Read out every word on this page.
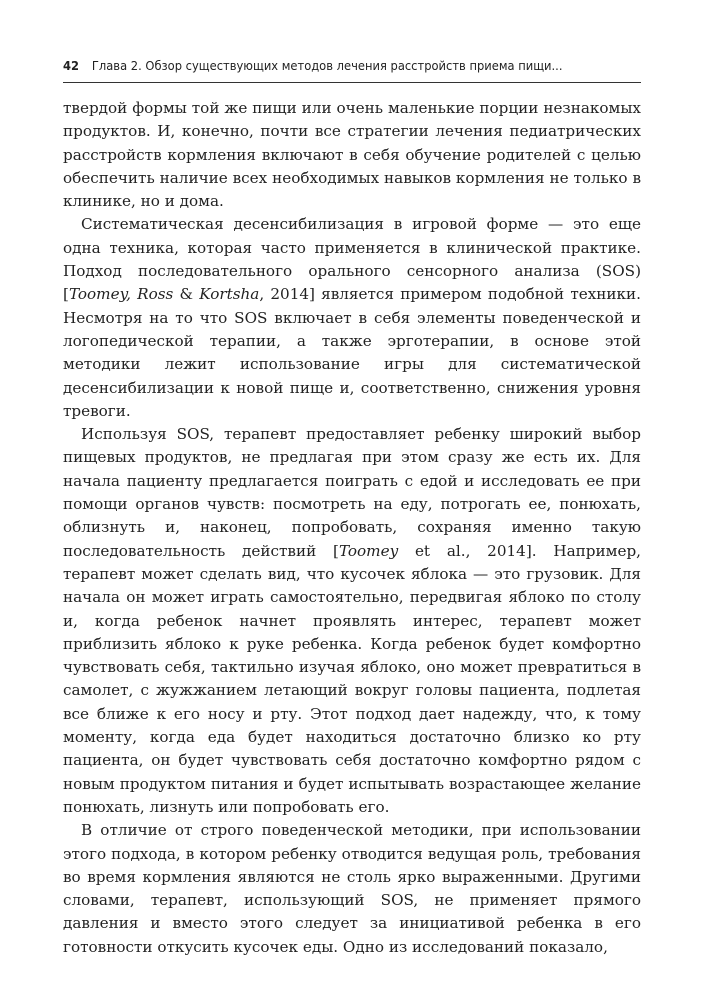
42 Глава 2. Обзор существующих методов лечения расстройств приема пищи...

твердой формы той же пищи или очень маленькие порции незнакомых продуктов. И, конечно, почти все стратегии лечения педиатрических расстройств кормления включают в себя обучение родителей с целью обеспечить наличие всех необходимых навыков кормления не только в клинике, но и дома.

Систематическая десенсибилизация в игровой форме — это еще одна техника, которая часто применяется в клинической практике. Подход последовательного орального сенсорного анализа (SOS) [Toomey, Ross & Kortsha, 2014] является примером подобной техники. Несмотря на то что SOS включает в себя элементы поведенческой и логопедической терапии, а также эрготерапии, в основе этой методики лежит использование игры для систематической десенсибилизации к новой пище и, соответственно, снижения уровня тревоги.

Используя SOS, терапевт предоставляет ребенку широкий выбор пищевых продуктов, не предлагая при этом сразу же есть их. Для начала пациенту предлагается поиграть с едой и исследовать ее при помощи органов чувств: посмотреть на еду, потрогать ее, понюхать, облизнуть и, наконец, попробовать, сохраняя именно такую последовательность действий [Toomey et al., 2014]. Например, терапевт может сделать вид, что кусочек яблока — это грузовик. Для начала он может играть самостоятельно, передвигая яблоко по столу и, когда ребенок начнет проявлять интерес, терапевт может приблизить яблоко к руке ребенка. Когда ребенок будет комфортно чувствовать себя, тактильно изучая яблоко, оно может превратиться в самолет, с жужжанием летающий вокруг головы пациента, подлетая все ближе к его носу и рту. Этот подход дает надежду, что, к тому моменту, когда еда будет находиться достаточно близко ко рту пациента, он будет чувствовать себя достаточно комфортно рядом с новым продуктом питания и будет испытывать возрастающее желание понюхать, лизнуть или попробовать его.

В отличие от строго поведенческой методики, при использовании этого подхода, в котором ребенку отводится ведущая роль, требования во время кормления являются не столь ярко выраженными. Другими словами, терапевт, использующий SOS, не применяет прямого давления и вместо этого следует за инициативой ребенка в его готовности откусить кусочек еды. Одно из исследований показало,
